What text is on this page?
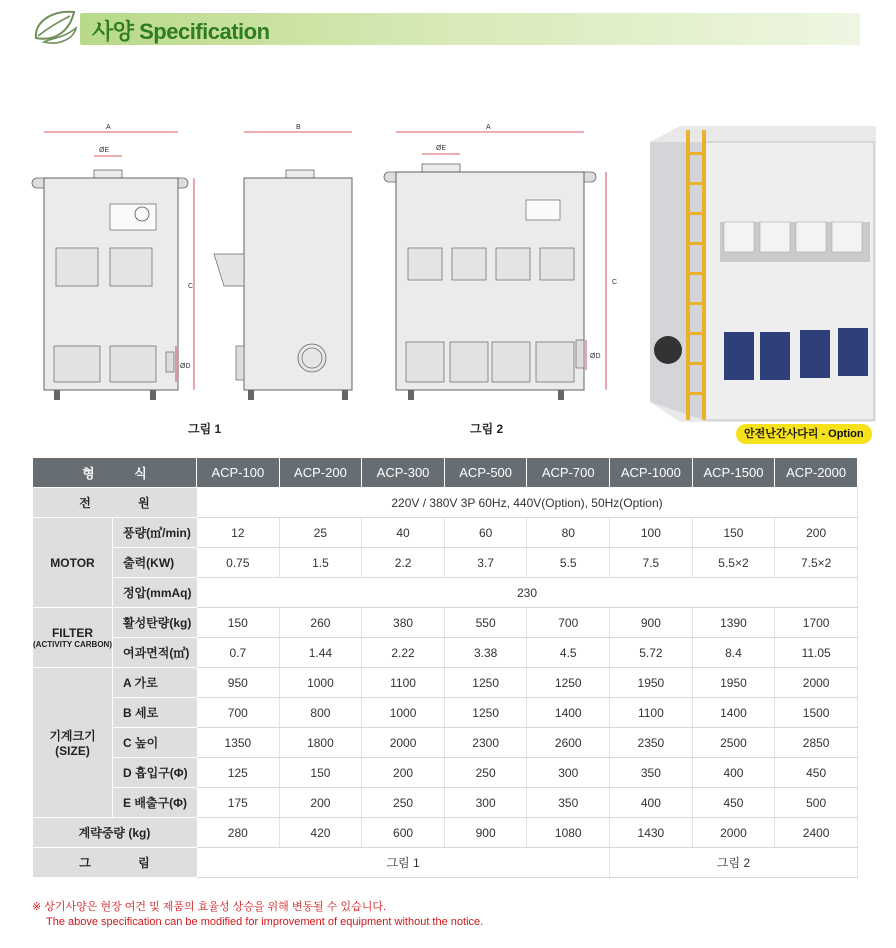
사양 Specification
A
ØE
ØD
C
그림 1
B	A
ØE
ØD
C
그림 2	안전난간사다리 - Option
형 식		ACP-100	ACP-200	ACP-300	ACP-500	ACP-700	ACP-1000	ACP-1500	ACP-2000
전 원		220V / 380V 3P 60Hz, 440V(Option), 50Hz(Option)							
MOTOR	풍량(㎥/min)	12	25	40	60	80	100	150	200
	출력(KW)	0.75	1.5	2.2	3.7	5.5	7.5	5.5×2	7.5×2
	정압(mmAq)	230							
FILTER
(ACTIVITY CARBON)	활성탄량(kg)	150	260	380	550	700	900	1390	1700
	여과면적(㎡)	0.7	1.44	2.22	3.38	4.5	5.72	8.4	11.05
기계크기
(SIZE)	A 가로	950	1000	1100	1250	1250	1950	1950	2000
	B 세로	700	800	1000	1250	1400	1100	1400	1500
	C 높이	1350	1800	2000	2300	2600	2350	2500	2850
	D 흡입구(Φ)	125	150	200	250	300	350	400	450
	E 배출구(Φ)	175	200	250	300	350	400	450	500
계략중량 (kg)		280	420	600	900	1080	1430	2000	2400
그 림		그림 1					그림 2		
※ 상기사양은 현장 여건 및 제품의 효율성 상승을 위해 변동될 수 있습니다.
The above specification can be modified for improvement of equipment without the notice.
